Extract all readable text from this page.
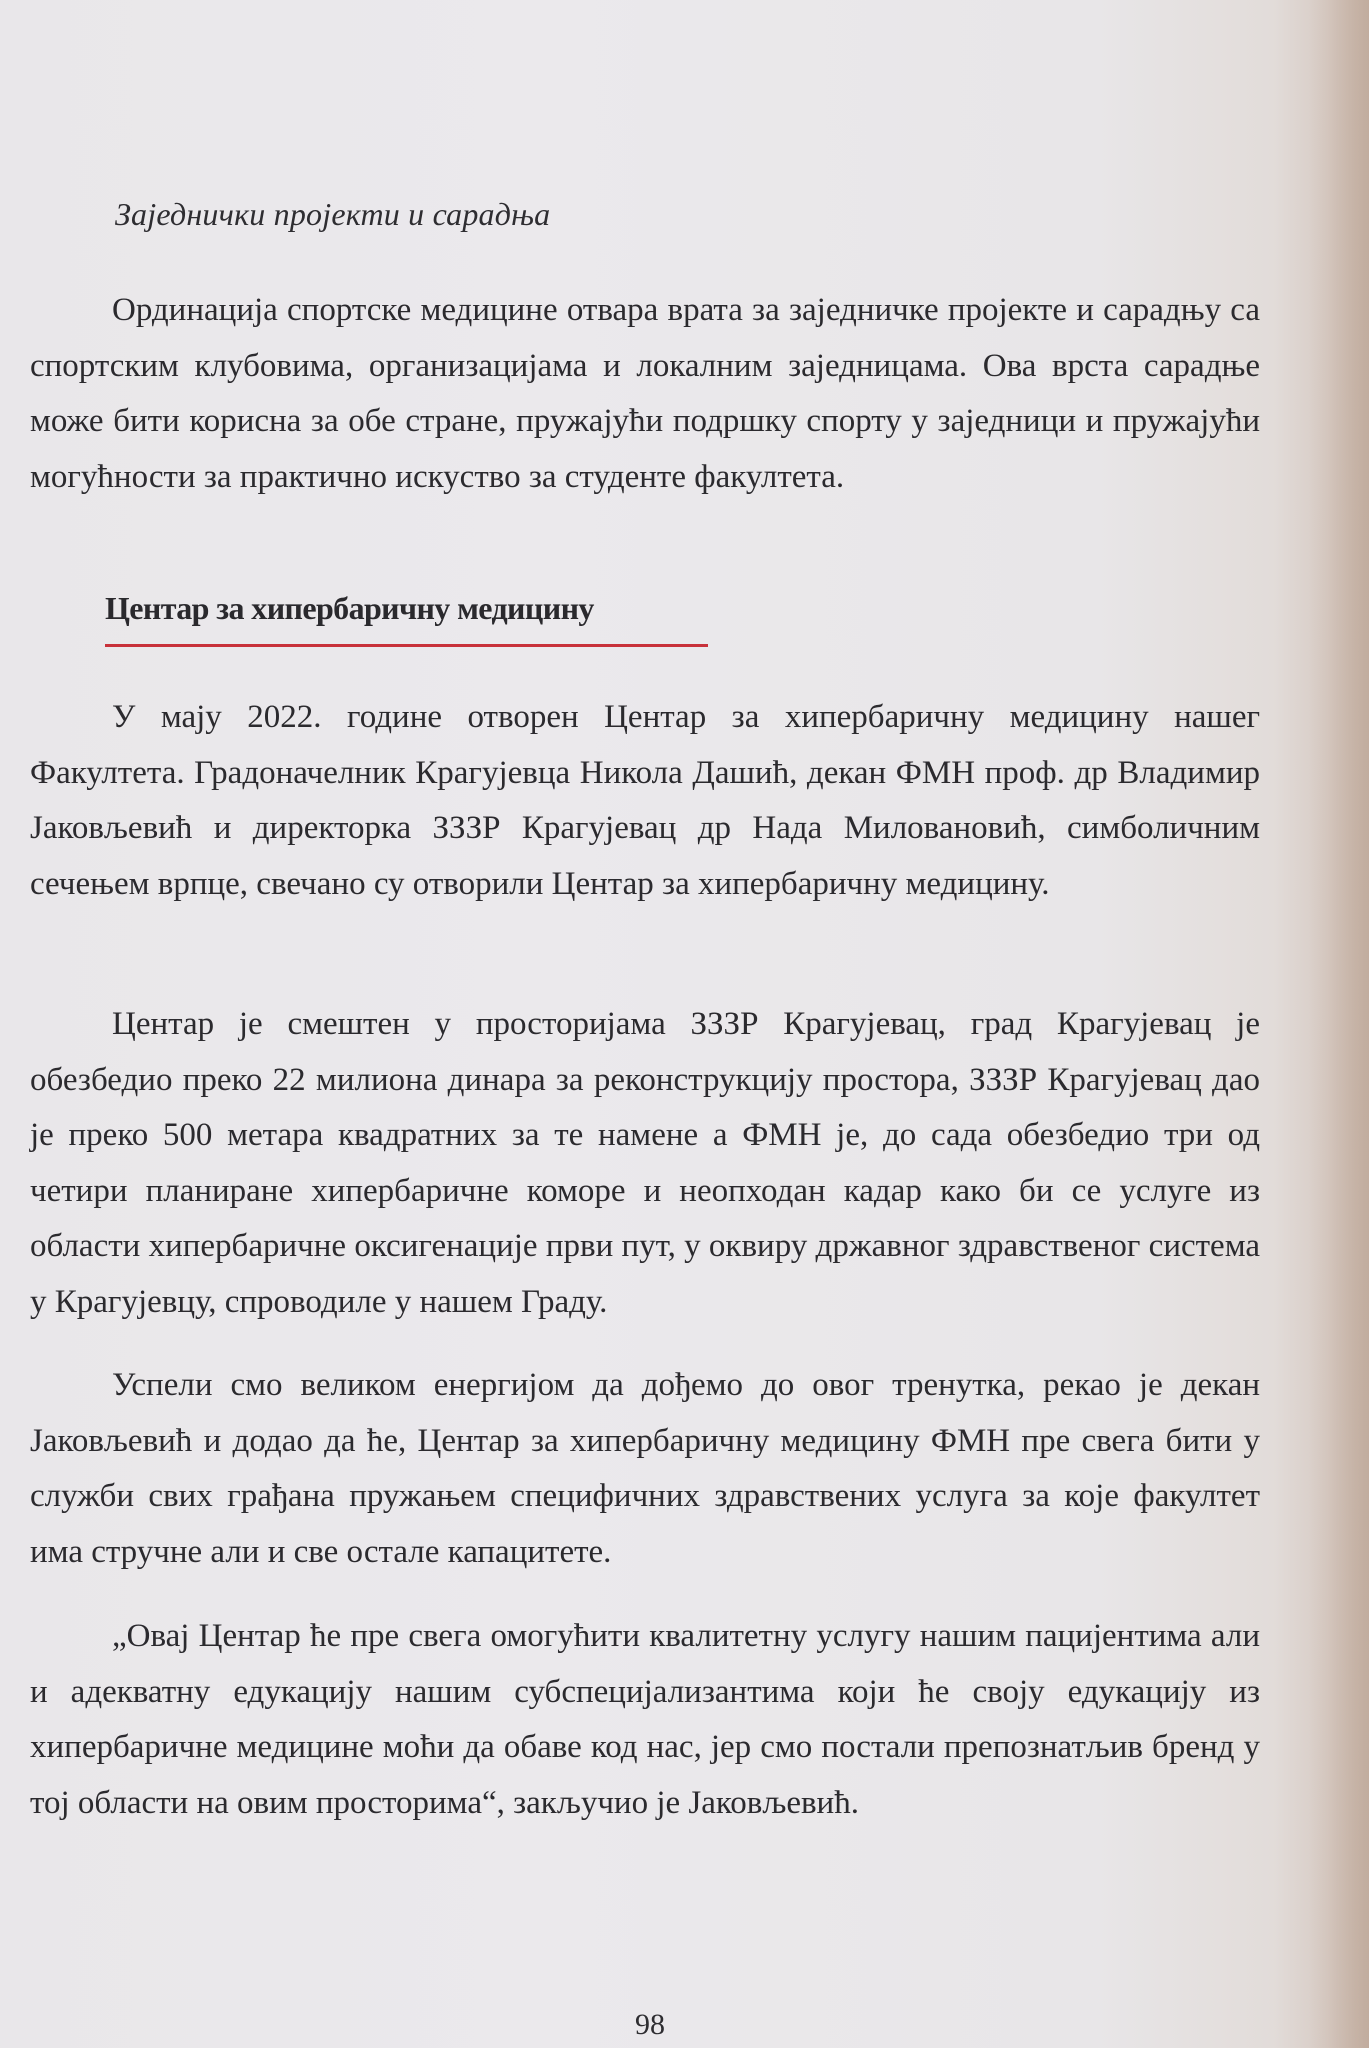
Заједнички пројекти и сарадња

Ординација спортске медицине отвара врата за заједничке пројекте и сарадњу са спортским клубовима, организацијама и локалним заједницама. Ова врста сарадње може бити корисна за обе стране, пружајући подршку спорту у заједници и пружајући могућности за практично искуство за студенте факултета.

Центар за хипербаричну медицину

У мају 2022. године отворен Центар за хипербаричну медицину нашег Факултета. Градоначелник Крагујевца Никола Дашић, декан ФМН проф. др Владимир Јаковљевић и директорка ЗЗЗР Крагујевац др Нада Миловановић, симболичним сечењем врпце, свечано су отворили Центар за хипербаричну медицину.

Центар је смештен у просторијама ЗЗЗР Крагујевац, град Крагујевац је обезбедио преко 22 милиона динара за реконструкцију простора, ЗЗЗР Крагујевац дао је преко 500 метара квадратних за те намене а ФМН је, до сада обезбедио три од четири планиране хипербаричне коморе и неопходан кадар како би се услуге из области хипербаричне оксигенације први пут, у оквиру државног здравственог система у Крагујевцу, спроводиле у нашем Граду.

Успели смо великом енергијом да дођемо до овог тренутка, рекао је декан Јаковљевић и додао да ће, Центар за хипербаричну медицину ФМН пре свега бити у служби свих грађана пружањем специфичних здравствених услуга за које факултет има стручне али и све остале капацитете.

„Овај Центар ће пре свега омогућити квалитетну услугу нашим пацијентима али и адекватну едукацију нашим субспецијализантима који ће своју едукацију из хипербаричне медицине моћи да обаве код нас, јер смо постали препознатљив бренд у тој области на овим просторима“, закључио је Јаковљевић.

98
